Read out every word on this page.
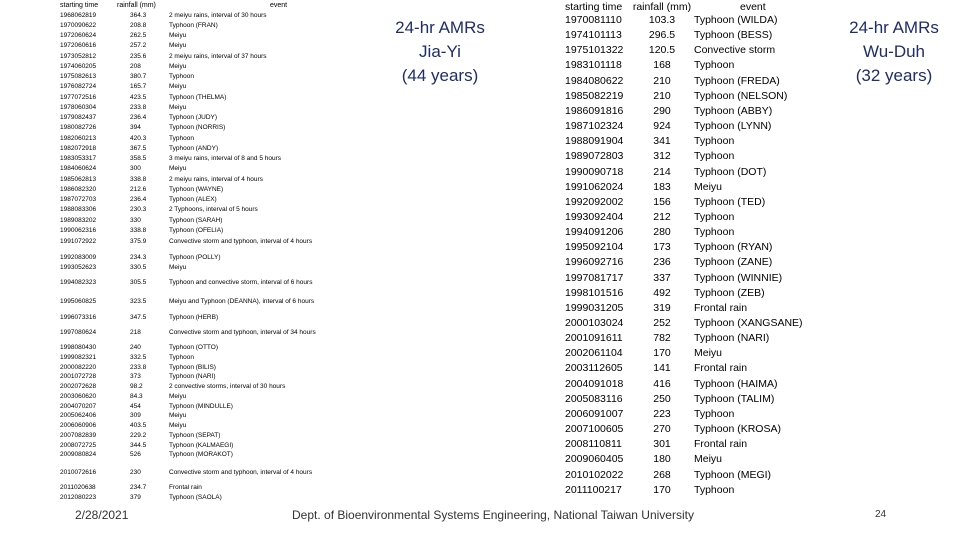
starting time	rainfall (mm)	event
1968062819	364.3	2 meiyu rains, interval of 30 hours
1970090622	208.8	Typhoon (FRAN)
1972060624	262.5	Meiyu
1972060616	257.2	Meiyu
1973052812	235.6	2 meiyu rains, interval of 37 hours
1974060205	208	Meiyu
1975082613	380.7	Typhoon
1976082724	165.7	Meiyu
1977072516	423.5	Typhoon (THELMA)
1978060304	233.8	Meiyu
1979082437	236.4	Typhoon (JUDY)
1980082726	394	Typhoon (NORRIS)
1982060213	420.3	Typhoon
1982072918	367.5	Typhoon (ANDY)
1983053317	358.5	3 meiyu rains, interval of 8 and 5 hours
1984060624	300	Meiyu
1985062813	338.8	2 meiyu rains, interval of 4 hours
1986082320	212.6	Typhoon (WAYNE)
1987072703	236.4	Typhoon (ALEX)
1988083306	230.3	2 Typhoons, interval of 5 hours
1989083202	330	Typhoon (SARAH)
1990062316	338.8	Typhoon (OFELIA)
1991072922	375.9	Convective storm and typhoon, interval of 4 hours
1992083009	234.3	Typhoon (POLLY)
1993052623	330.5	Meiyu
1994082323	305.5	Typhoon and convective storm, interval of 6 hours
1995060825	323.5	Meiyu and Typhoon (DEANNA), interval of 6 hours
1996073316	347.5	Typhoon (HERB)
1997080624	218	Convective storm and typhoon, interval of 34 hours
1998080430	240	Typhoon (OTTO)
1999082321	332.5	Typhoon
2000082220	233.8	Typhoon (BILIS)
2001072728	373	Typhoon (NARI)
2002072628	98.2	2 convective storms, interval of 30 hours
2003060620	84.3	Meiyu
2004070207	454	Typhoon (MINDULLE)
2005062406	309	Meiyu
2006060906	403.5	Meiyu
2007082839	229.2	Typhoon (SEPAT)
2008072725	344.5	Typhoon (KALMAEGI)
2009080824	526	Typhoon (MORAKOT)
2010072616	230	Convective storm and typhoon, interval of 4 hours
2011020638	234.7	Frontal rain
2012080223	379	Typhoon (SAOLA)
24-hr AMRs
Jia-Yi
(44 years)
starting time rainfall (mm)	event
1970081110	103.3	Typhoon (WILDA)
1974101113	296.5	Typhoon (BESS)
1975101322	120.5	Convective storm
1983101118	168	Typhoon
1984080622	210	Typhoon (FREDA)
1985082219	210	Typhoon (NELSON)
1986091816	290	Typhoon (ABBY)
1987102324	924	Typhoon (LYNN)
1988091904	341	Typhoon
1989072803	312	Typhoon
1990090718	214	Typhoon (DOT)
1991062024	183	Meiyu
1992092002	156	Typhoon (TED)
1993092404	212	Typhoon
1994091206	280	Typhoon
1995092104	173	Typhoon (RYAN)
1996092716	236	Typhoon (ZANE)
1997081717	337	Typhoon (WINNIE)
1998101516	492	Typhoon (ZEB)
1999031205	319	Frontal rain
2000103024	252	Typhoon (XANGSANE)
2001091611	782	Typhoon (NARI)
2002061104	170	Meiyu
2003112605	141	Frontal rain
2004091018	416	Typhoon (HAIMA)
2005083116	250	Typhoon (TALIM)
2006091007	223	Typhoon
2007100605	270	Typhoon (KROSA)
2008110811	301	Frontal rain
2009060405	180	Meiyu
2010102022	268	Typhoon (MEGI)
2011100217	170	Typhoon
24-hr AMRs
Wu-Duh
(32 years)
2/28/2021	Dept. of Bioenvironmental Systems Engineering, National Taiwan University	24
